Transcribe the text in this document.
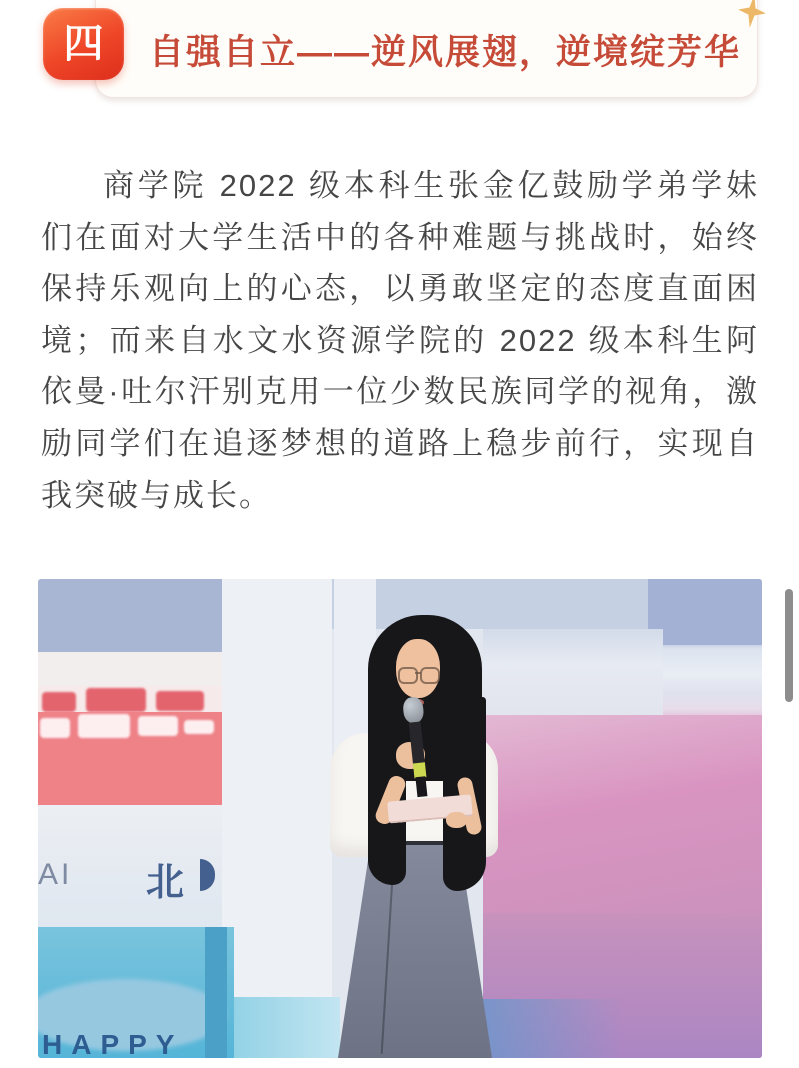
四 自强自立——逆风展翅，逆境绽芳华

商学院 2022 级本科生张金亿鼓励学弟学妹们在面对大学生活中的各种难题与挑战时，始终保持乐观向上的心态，以勇敢坚定的态度直面困境；而来自水文水资源学院的 2022 级本科生阿依曼·吐尔汗别克用一位少数民族同学的视角，激励同学们在追逐梦想的道路上稳步前行，实现自我突破与成长。

AI 北
HAPPY
